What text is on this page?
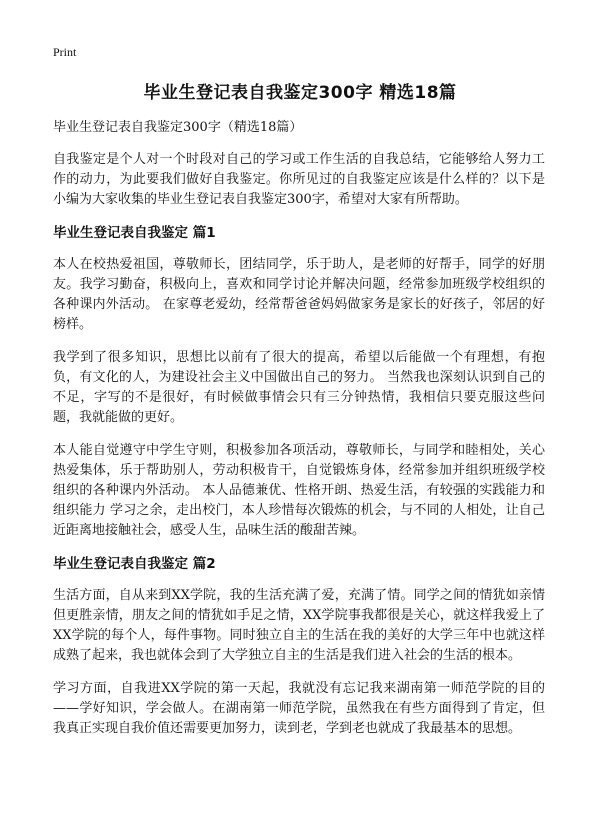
Print
毕业生登记表自我鉴定300字 精选18篇

毕业生登记表自我鉴定300字（精选18篇）

自我鉴定是个人对一个时段对自己的学习或工作生活的自我总结，它能够给人努力工作的动力，为此要我们做好自我鉴定。你所见过的自我鉴定应该是什么样的？以下是小编为大家收集的毕业生登记表自我鉴定300字，希望对大家有所帮助。

毕业生登记表自我鉴定 篇1

本人在校热爱祖国，尊敬师长，团结同学，乐于助人，是老师的好帮手，同学的好朋友。我学习勤奋，积极向上，喜欢和同学讨论并解决问题，经常参加班级学校组织的各种课内外活动。 在家尊老爱幼，经常帮爸爸妈妈做家务是家长的好孩子，邻居的好榜样。

我学到了很多知识，思想比以前有了很大的提高，希望以后能做一个有理想，有抱负，有文化的人，为建设社会主义中国做出自己的努力。 当然我也深刻认识到自己的 不足，字写的不是很好，有时候做事情会只有三分钟热情，我相信只要克服这些问题，我就能做的更好。

本人能自觉遵守中学生守则，积极参加各项活动，尊敬师长，与同学和睦相处，关心热爱集体，乐于帮助别人，劳动积极肯干，自觉锻炼身体，经常参加并组织班级学校组织的各种课内外活动。 本人品德兼优、性格开朗、热爱生活，有较强的实践能力和组织能力 学习之余，走出校门，本人珍惜每次锻炼的机会，与不同的人相处，让自己近距离地接触社会，感受人生，品味生活的酸甜苦辣。

毕业生登记表自我鉴定 篇2

生活方面，自从来到XX学院，我的生活充满了爱，充满了情。同学之间的情犹如亲情但更胜亲情，朋友之间的情犹如手足之情，XX学院事我都很是关心，就这样我爱上了XX学院的每个人，每件事物。同时独立自主的生活在我的美好的大学三年中也就这样成熟了起来，我也就体会到了大学独立自主的生活是我们进入社会的生活的根本。

学习方面，自我进XX学院的第一天起，我就没有忘记我来湖南第一师范学院的目的——学好知识，学会做人。在湖南第一师范学院，虽然我在有些方面得到了肯定，但我真正实现自我价值还需要更加努力，读到老，学到老也就成了我最基本的思想。
